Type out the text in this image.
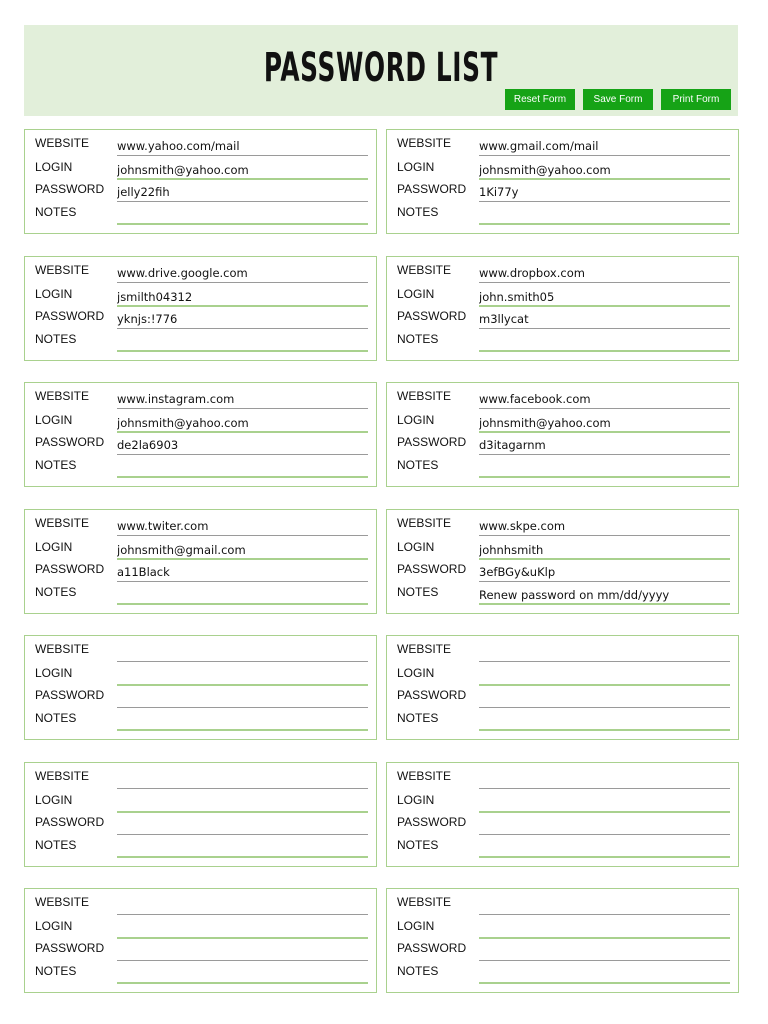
PASSWORD LIST
Reset Form	Save Form	Print Form
WEBSITE www.yahoo.com/mail
LOGIN	johnsmith@yahoo.com
PASSWORD jelly22fih
NOTES
WEBSITE www.gmail.com/mail
LOGIN	johnsmith@yahoo.com
PASSWORD 1Ki77y
NOTES
WEBSITE www.drive.google.com
LOGIN	jsmilth04312
PASSWORD yknjs:!776
NOTES
WEBSITE www.dropbox.com
LOGIN	john.smith05
PASSWORD m3llycat
NOTES
WEBSITE www.instagram.com
LOGIN	johnsmith@yahoo.com
PASSWORD de2la6903
NOTES
WEBSITE www.facebook.com
LOGIN	johnsmith@yahoo.com
PASSWORD d3itagarnm
NOTES
WEBSITE www.twiter.com
LOGIN	johnsmith@gmail.com
PASSWORD a11Black
NOTES
WEBSITE www.skpe.com
LOGIN	johnhsmith
PASSWORD 3efBGy&uKlp
NOTES	Renew password on mm/dd/yyyy
WEBSITE
LOGIN
PASSWORD
NOTES
WEBSITE
LOGIN
PASSWORD
NOTES
WEBSITE
LOGIN
PASSWORD
NOTES
WEBSITE
LOGIN
PASSWORD
NOTES
WEBSITE
LOGIN
PASSWORD
NOTES
WEBSITE
LOGIN
PASSWORD
NOTES
